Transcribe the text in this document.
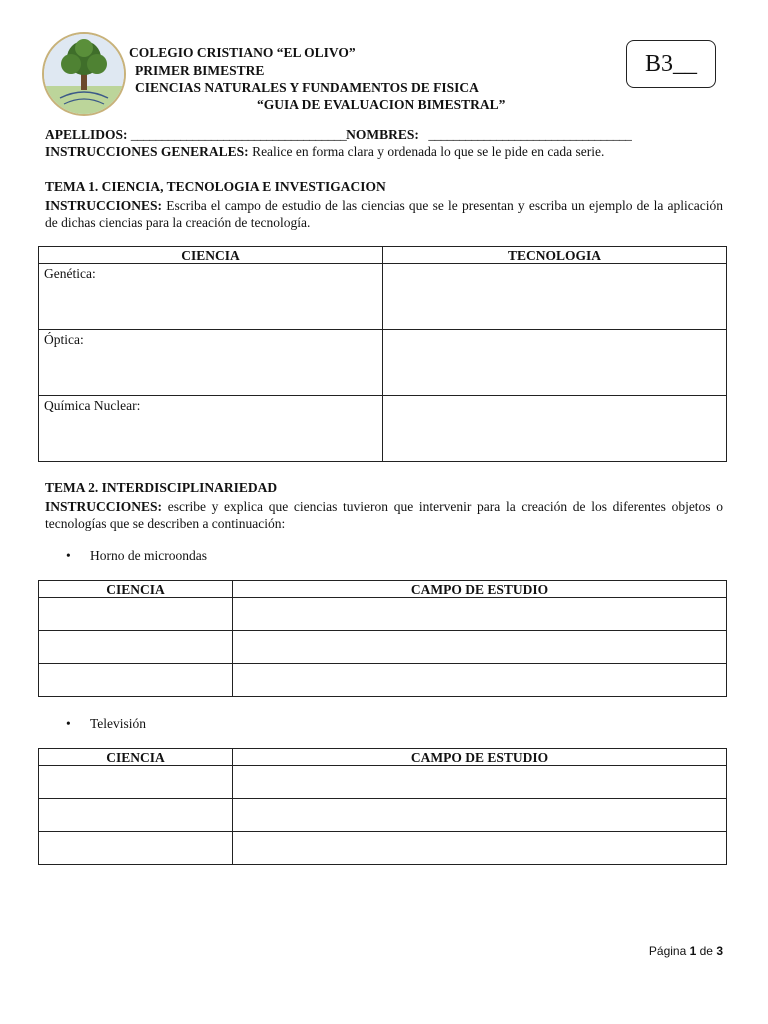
COLEGIO CRISTIANO “EL OLIVO”
PRIMER BIMESTRE
CIENCIAS NATURALES Y FUNDAMENTOS DE FISICA
“GUIA DE EVALUACION BIMESTRAL”
B3__
APELLIDOS: ___________________________________NOMBRES: _________________________________
INSTRUCCIONES GENERALES: Realice en forma clara y ordenada lo que se le pide en cada serie.
TEMA 1. CIENCIA, TECNOLOGIA E INVESTIGACION
INSTRUCCIONES: Escriba el campo de estudio de las ciencias que se le presentan y escriba un ejemplo de la aplicación de dichas ciencias para la creación de tecnología.
CIENCIA	TECNOLOGIA

Genética:	

Óptica:	

Química Nuclear:	

TEMA 2. INTERDISCIPLINARIEDAD
INSTRUCCIONES: escribe y explica que ciencias tuvieron que intervenir para la creación de los diferentes objetos o tecnologías que se describen a continuación:
• Horno de microondas
CIENCIA	CAMPO DE ESTUDIO

• Televisión
CIENCIA	CAMPO DE ESTUDIO

Página 1 de 3
